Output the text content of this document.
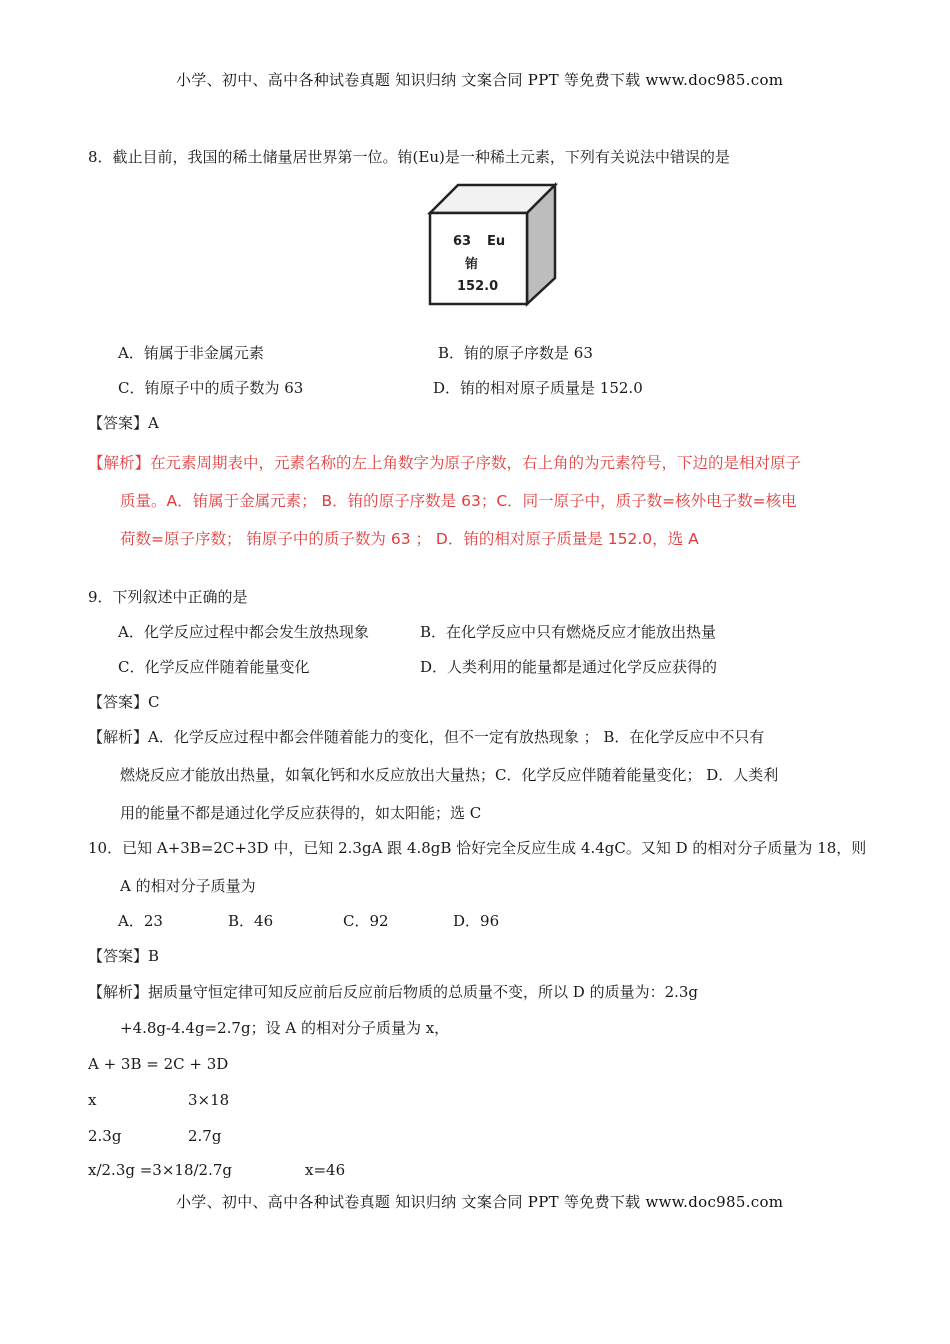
小学、初中、高中各种试卷真题 知识归纳 文案合同 PPT 等免费下载 www.doc985.com
8．截止目前，我国的稀土储量居世界第一位。铕(Eu)是一种稀土元素，下列有关说法中错误的是
63 Eu
铕
152.0
A．铕属于非金属元素	B．铕的原子序数是 63
C．铕原子中的质子数为 63	D．铕的相对原子质量是 152.0
【答案】A
【解析】在元素周期表中，元素名称的左上角数字为原子序数，右上角的为元素符号，下边的是相对原子
质量。A．铕属于金属元素； B．铕的原子序数是 63；C．同一原子中，质子数=核外电子数=核电
荷数=原子序数； 铕原子中的质子数为 63 ； D．铕的相对原子质量是 152.0，选 A
9．下列叙述中正确的是
A．化学反应过程中都会发生放热现象	B．在化学反应中只有燃烧反应才能放出热量
C．化学反应伴随着能量变化	D．人类利用的能量都是通过化学反应获得的
【答案】C
【解析】A．化学反应过程中都会伴随着能力的变化，但不一定有放热现象 ； B．在化学反应中不只有
燃烧反应才能放出热量，如氧化钙和水反应放出大量热；C．化学反应伴随着能量变化； D．人类利
用的能量不都是通过化学反应获得的，如太阳能；选 C
10．已知 A+3B=2C+3D 中，已知 2.3gA 跟 4.8gB 恰好完全反应生成 4.4gC。又知 D 的相对分子质量为 18，则
A 的相对分子质量为
A．23	B．46	C．92	D．96
【答案】B
【解析】据质量守恒定律可知反应前后反应前后物质的总质量不变，所以 D 的质量为：2.3g
+4.8g-4.4g=2.7g；设 A 的相对分子质量为 x，
A + 3B = 2C + 3D
x	3×18
2.3g	2.7g
x/2.3g =3×18/2.7g	x=46
小学、初中、高中各种试卷真题 知识归纳 文案合同 PPT 等免费下载 www.doc985.com
